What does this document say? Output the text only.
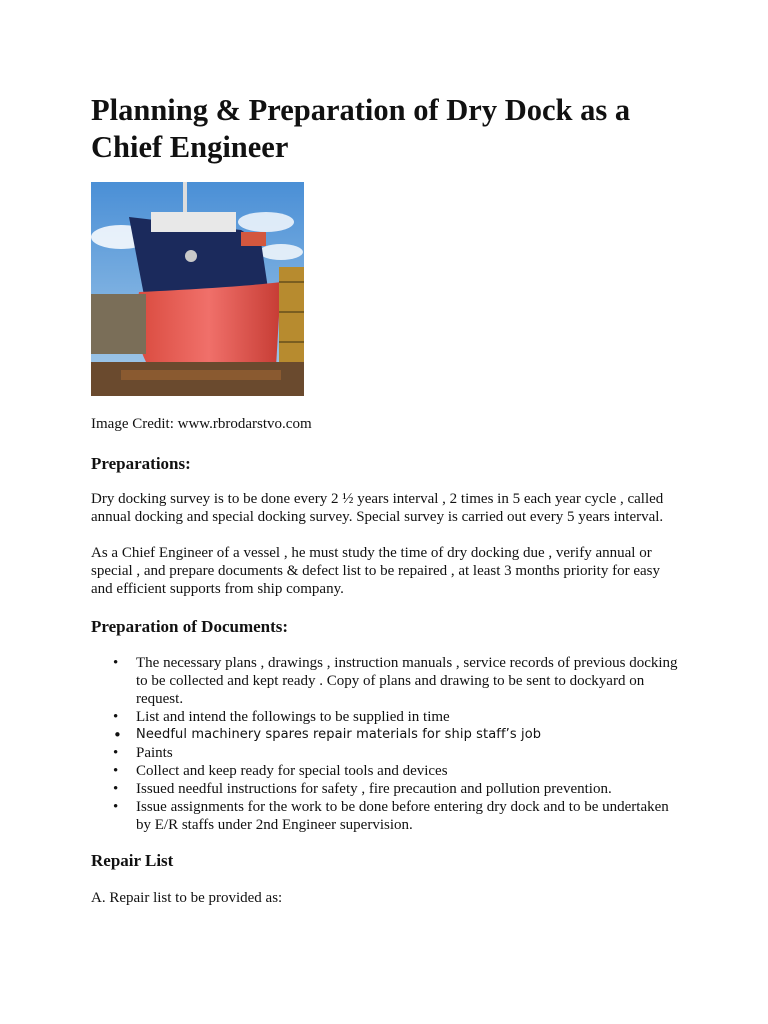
Planning & Preparation of Dry Dock as a Chief Engineer
Image Credit: www.rbrodarstvo.com
Preparations:

Dry docking survey is to be done every 2 ½ years interval , 2 times in 5 each year cycle , called annual docking and special docking survey. Special survey is carried out every 5 years interval.

As a Chief Engineer of a vessel , he must study the time of dry docking due , verify annual or special , and prepare documents & defect list to be repaired , at least 3 months priority for easy and efficient supports from ship company.

Preparation of Documents:
• The necessary plans , drawings , instruction manuals , service records of previous docking to be collected and kept ready . Copy of plans and drawing to be sent to dockyard on request.
• List and intend the followings to be supplied in time
• Needful machinery spares repair materials for ship staff’s job
• Paints
• Collect and keep ready for special tools and devices
• Issued needful instructions for safety , fire precaution and pollution prevention.
• Issue assignments for the work to be done before entering dry dock and to be undertaken by E/R staffs under 2nd Engineer supervision.
Repair List

A. Repair list to be provided as:
